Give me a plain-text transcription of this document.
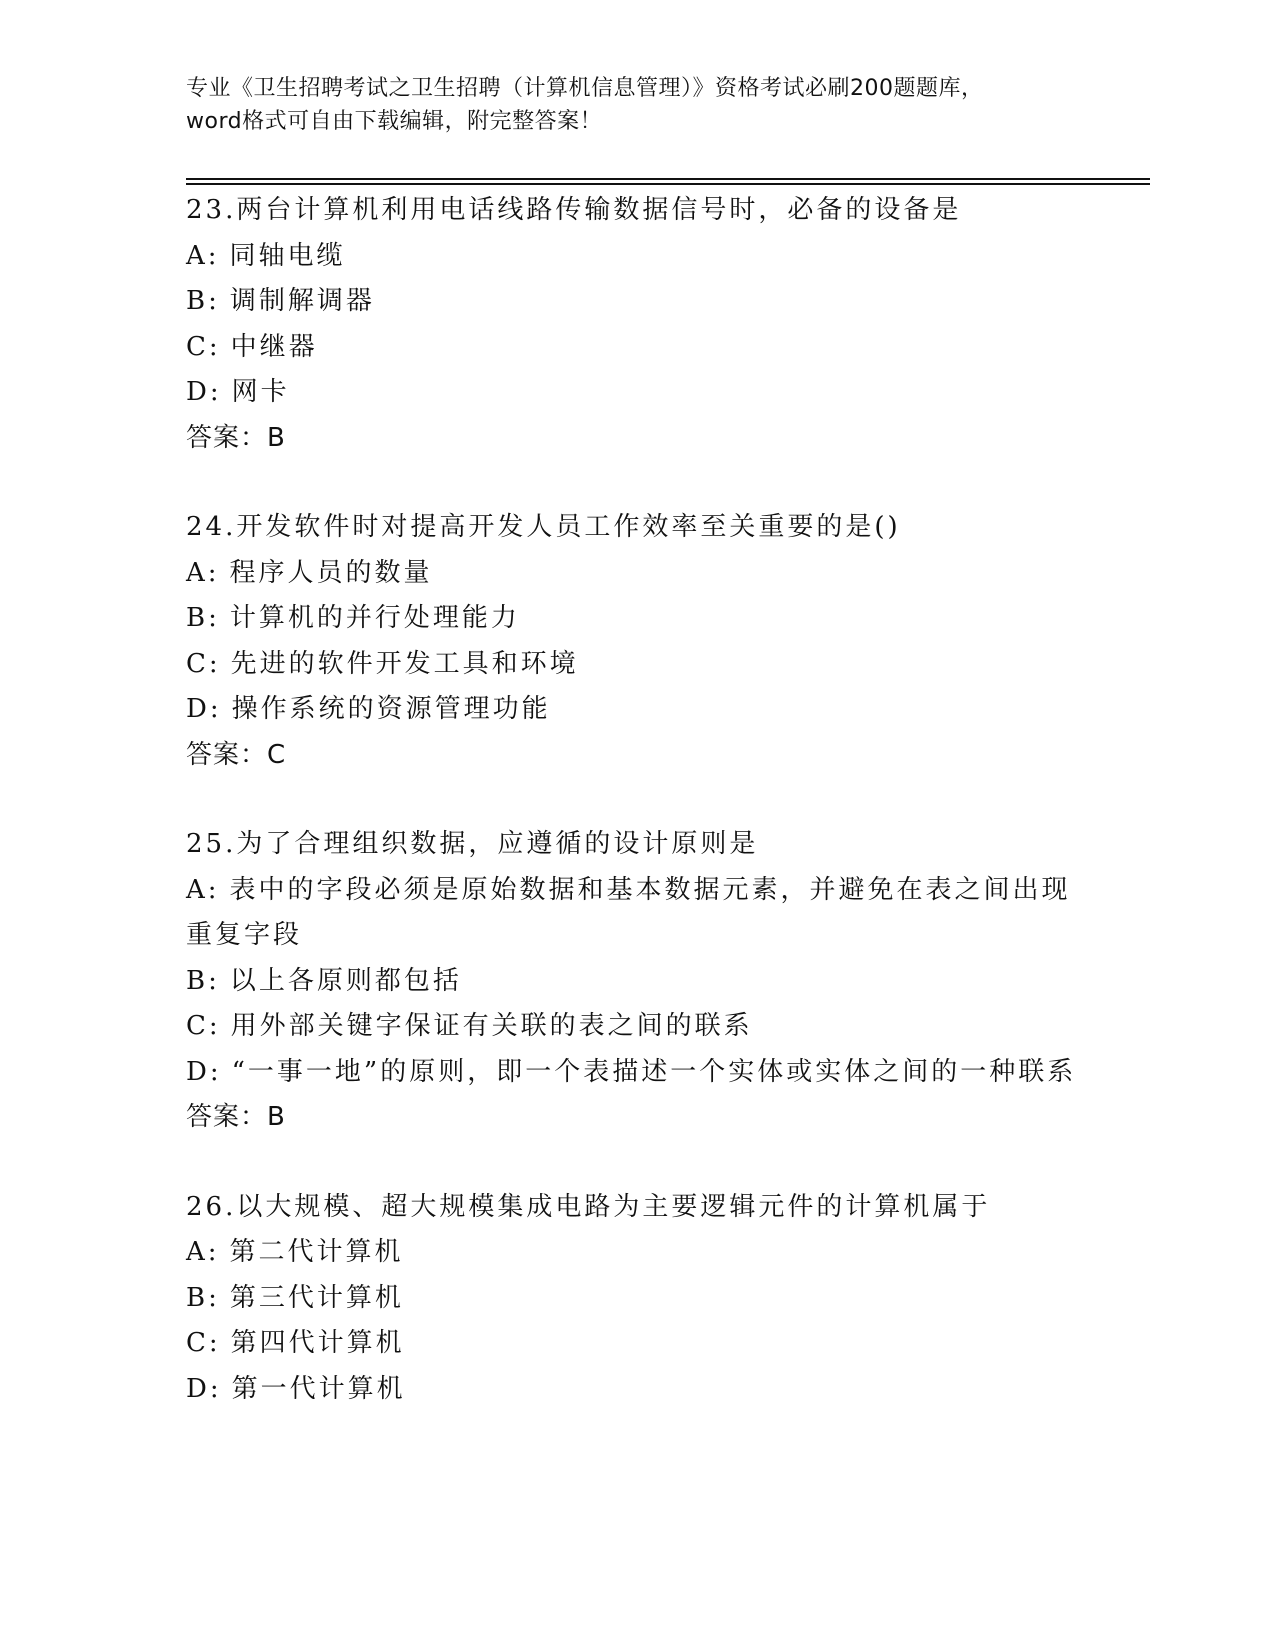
专业《卫生招聘考试之卫生招聘（计算机信息管理）》资格考试必刷200题题库，
word格式可自由下载编辑，附完整答案！
23.两台计算机利用电话线路传输数据信号时，必备的设备是
A: 同轴电缆
B: 调制解调器
C: 中继器
D: 网卡
答案：B
24.开发软件时对提高开发人员工作效率至关重要的是()
A: 程序人员的数量
B: 计算机的并行处理能力
C: 先进的软件开发工具和环境
D: 操作系统的资源管理功能
答案：C
25.为了合理组织数据，应遵循的设计原则是
A: 表中的字段必须是原始数据和基本数据元素，并避免在表之间出现重复字段
B: 以上各原则都包括
C: 用外部关键字保证有关联的表之间的联系
D: “一事一地”的原则，即一个表描述一个实体或实体之间的一种联系
答案：B
26.以大规模、超大规模集成电路为主要逻辑元件的计算机属于
A: 第二代计算机
B: 第三代计算机
C: 第四代计算机
D: 第一代计算机
